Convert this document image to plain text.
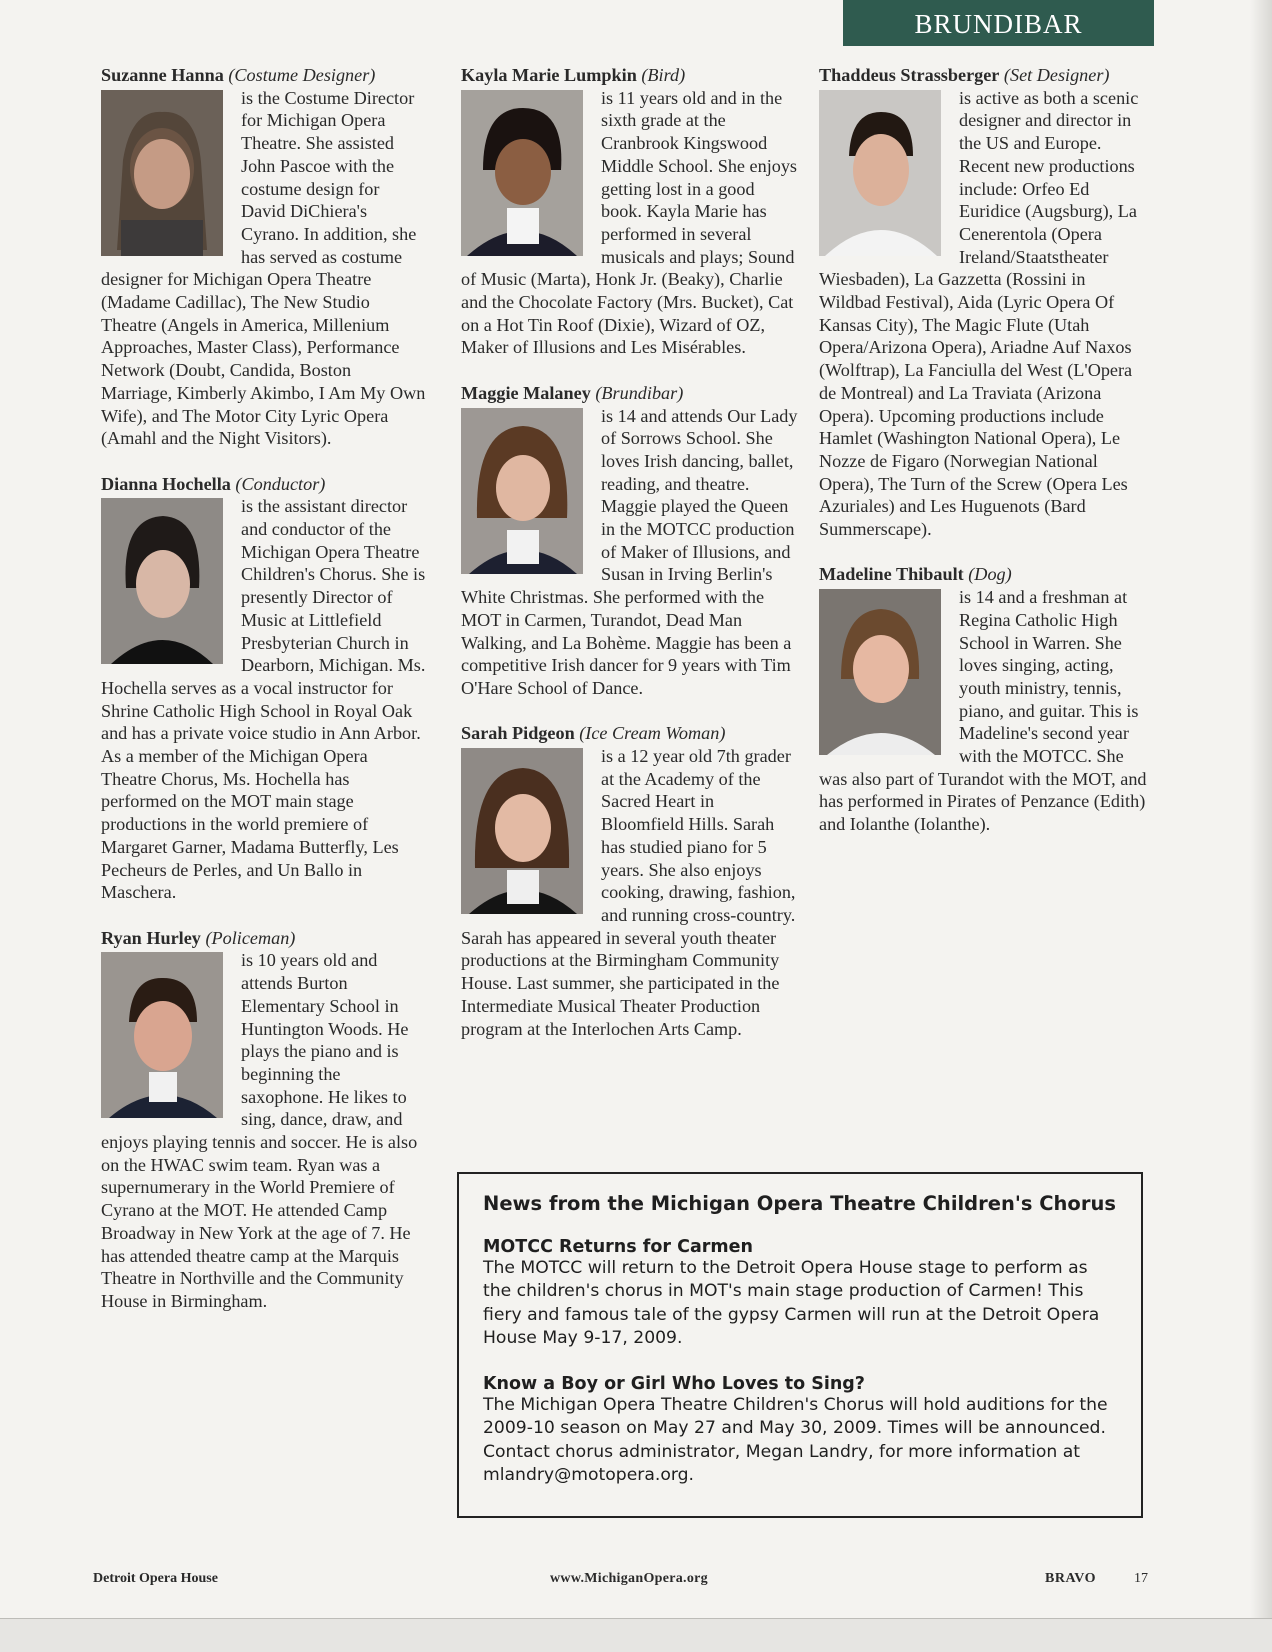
BRUNDIBAR

Suzanne Hanna (Costume Designer)

is the Costume Director for Michigan Opera Theatre. She assisted John Pascoe with the costume design for David DiChiera's Cyrano. In addition, she has served as costume designer for Michigan Opera Theatre (Madame Cadillac), The New Studio Theatre (Angels in America, Millenium Approaches, Master Class), Performance Network (Doubt, Candida, Boston Marriage, Kimberly Akimbo, I Am My Own Wife), and The Motor City Lyric Opera (Amahl and the Night Visitors).

Dianna Hochella (Conductor)

is the assistant director and conductor of the Michigan Opera Theatre Children's Chorus. She is presently Director of Music at Littlefield Presbyterian Church in Dearborn, Michigan. Ms. Hochella serves as a vocal instructor for Shrine Catholic High School in Royal Oak and has a private voice studio in Ann Arbor. As a member of the Michigan Opera Theatre Chorus, Ms. Hochella has performed on the MOT main stage productions in the world premiere of Margaret Garner, Madama Butterfly, Les Pecheurs de Perles, and Un Ballo in Maschera.

Ryan Hurley (Policeman)

is 10 years old and attends Burton Elementary School in Huntington Woods. He plays the piano and is beginning the saxophone. He likes to sing, dance, draw, and enjoys playing tennis and soccer. He is also on the HWAC swim team. Ryan was a supernumerary in the World Premiere of Cyrano at the MOT. He attended Camp Broadway in New York at the age of 7. He has attended theatre camp at the Marquis Theatre in Northville and the Community House in Birmingham.

Kayla Marie Lumpkin (Bird)

is 11 years old and in the sixth grade at the Cranbrook Kingswood Middle School. She enjoys getting lost in a good book. Kayla Marie has performed in several musicals and plays; Sound of Music (Marta), Honk Jr. (Beaky), Charlie and the Chocolate Factory (Mrs. Bucket), Cat on a Hot Tin Roof (Dixie), Wizard of OZ, Maker of Illusions and Les Misérables.

Maggie Malaney (Brundibar)

is 14 and attends Our Lady of Sorrows School. She loves Irish dancing, ballet, reading, and theatre. Maggie played the Queen in the MOTCC production of Maker of Illusions, and Susan in Irving Berlin's White Christmas. She performed with the MOT in Carmen, Turandot, Dead Man Walking, and La Bohème. Maggie has been a competitive Irish dancer for 9 years with Tim O'Hare School of Dance.

Sarah Pidgeon (Ice Cream Woman)

is a 12 year old 7th grader at the Academy of the Sacred Heart in Bloomfield Hills. Sarah has studied piano for 5 years. She also enjoys cooking, drawing, fashion, and running cross-country. Sarah has appeared in several youth theater productions at the Birmingham Community House. Last summer, she participated in the Intermediate Musical Theater Production program at the Interlochen Arts Camp.

Thaddeus Strassberger (Set Designer)

is active as both a scenic designer and director in the US and Europe. Recent new productions include: Orfeo Ed Euridice (Augsburg), La Cenerentola (Opera Ireland/Staatstheater Wiesbaden), La Gazzetta (Rossini in Wildbad Festival), Aida (Lyric Opera Of Kansas City), The Magic Flute (Utah Opera/Arizona Opera), Ariadne Auf Naxos (Wolftrap), La Fanciulla del West (L'Opera de Montreal) and La Traviata (Arizona Opera). Upcoming productions include Hamlet (Washington National Opera), Le Nozze de Figaro (Norwegian National Opera), The Turn of the Screw (Opera Les Azuriales) and Les Huguenots (Bard Summerscape).

Madeline Thibault (Dog)

is 14 and a freshman at Regina Catholic High School in Warren. She loves singing, acting, youth ministry, tennis, piano, and guitar. This is Madeline's second year with the MOTCC. She was also part of Turandot with the MOT, and has performed in Pirates of Penzance (Edith) and Iolanthe (Iolanthe).

News from the Michigan Opera Theatre Children's Chorus
MOTCC Returns for Carmen

The MOTCC will return to the Detroit Opera House stage to perform as the children's chorus in MOT's main stage production of Carmen! This fiery and famous tale of the gypsy Carmen will run at the Detroit Opera House May 9-17, 2009.

Know a Boy or Girl Who Loves to Sing?

The Michigan Opera Theatre Children's Chorus will hold auditions for the 2009-10 season on May 27 and May 30, 2009. Times will be announced. Contact chorus administrator, Megan Landry, for more information at mlandry@motopera.org.

Detroit Opera House	www.MichiganOpera.org	BRAVO	17
